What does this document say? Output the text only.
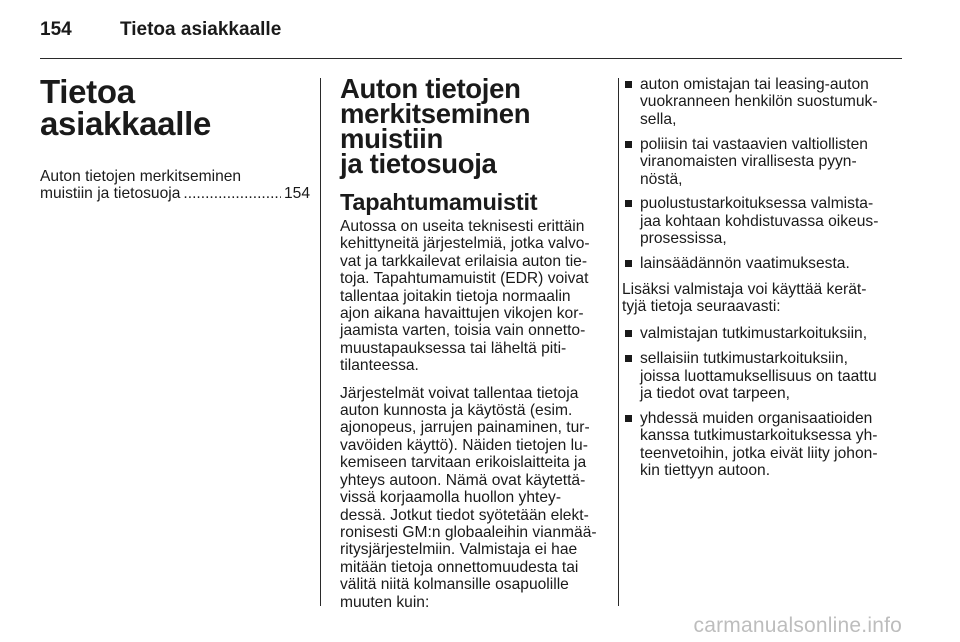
154	Tietoa asiakkaalle
Tietoa asiakkaalle
Auton tietojen merkitseminen
muistiin ja tietosuoja
.....	154
Auton tietojen
merkitseminen muistiin
ja tietosuoja
Tapahtumamuistit
Autossa on useita teknisesti erittäin
kehittyneitä järjestelmiä, jotka valvo-
vat ja tarkkailevat erilaisia auton tie-
toja. Tapahtumamuistit (EDR) voivat
tallentaa joitakin tietoja normaalin
ajon aikana havaittujen vikojen kor-
jaamista varten, toisia vain onnetto-
muustapauksessa tai läheltä piti-
tilanteessa.
Järjestelmät voivat tallentaa tietoja
auton kunnosta ja käytöstä (esim.
ajonopeus, jarrujen painaminen, tur-
vavöiden käyttö). Näiden tietojen lu-
kemiseen tarvitaan erikoislaitteita ja
yhteys autoon. Nämä ovat käytettä-
vissä korjaamolla huollon yhtey-
dessä. Jotkut tiedot syötetään elekt-
ronisesti GM:n globaaleihin vianmää-
ritysjärjestelmiin. Valmistaja ei hae
mitään tietoja onnettomuudesta tai
välitä niitä kolmansille osapuolille
muuten kuin:
auton omistajan tai leasing-auton
vuokranneen henkilön suostumuk-
sella,
poliisin tai vastaavien valtiollisten
viranomaisten virallisesta pyyn-
nöstä,
puolustustarkoituksessa valmista-
jaa kohtaan kohdistuvassa oikeus-
prosessissa,
lainsäädännön vaatimuksesta.
Lisäksi valmistaja voi käyttää kerät-
tyjä tietoja seuraavasti:
valmistajan tutkimustarkoituksiin,
sellaisiin tutkimustarkoituksiin,
joissa luottamuksellisuus on taattu
ja tiedot ovat tarpeen,
yhdessä muiden organisaatioiden
kanssa tutkimustarkoituksessa yh-
teenvetoihin, jotka eivät liity johon-
kin tiettyyn autoon.
carmanualsonline.info
